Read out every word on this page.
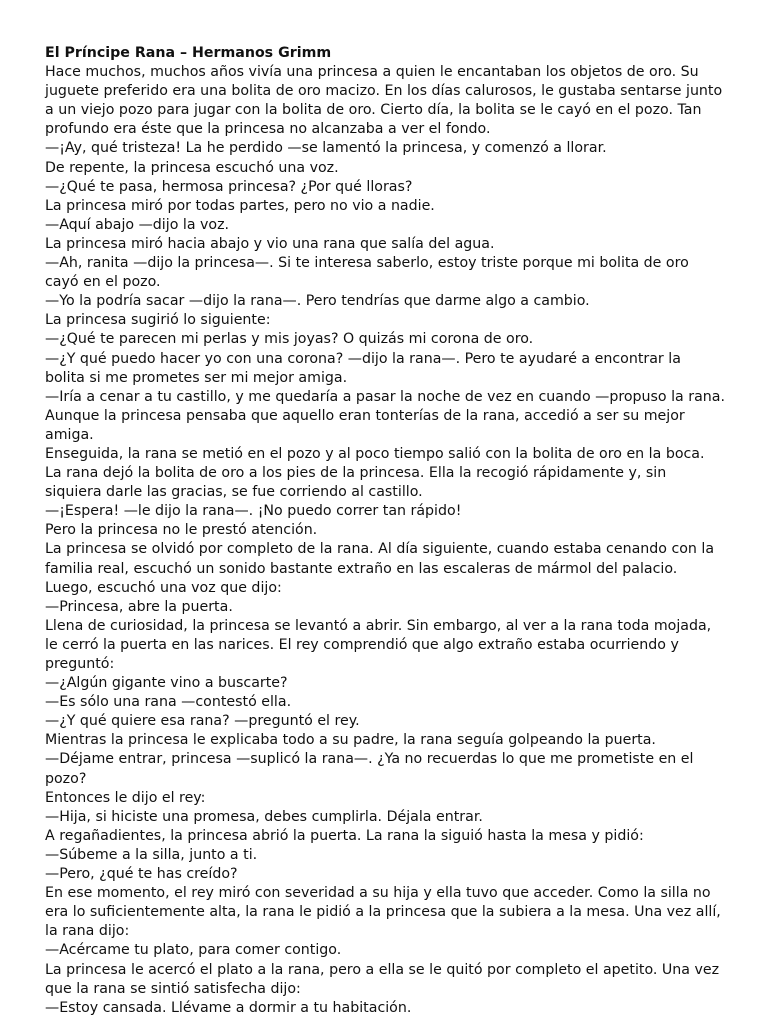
El Príncipe Rana – Hermanos Grimm
Hace muchos, muchos años vivía una princesa a quien le encantaban los objetos de oro. Su juguete preferido era una bolita de oro macizo. En los días calurosos, le gustaba sentarse junto a un viejo pozo para jugar con la bolita de oro. Cierto día, la bolita se le cayó en el pozo. Tan profundo era éste que la princesa no alcanzaba a ver el fondo.
—¡Ay, qué tristeza! La he perdido —se lamentó la princesa, y comenzó a llorar.
De repente, la princesa escuchó una voz.
—¿Qué te pasa, hermosa princesa? ¿Por qué lloras?
La princesa miró por todas partes, pero no vio a nadie.
—Aquí abajo —dijo la voz.
La princesa miró hacia abajo y vio una rana que salía del agua.
—Ah, ranita —dijo la princesa—. Si te interesa saberlo, estoy triste porque mi bolita de oro cayó en el pozo.
—Yo la podría sacar —dijo la rana—. Pero tendrías que darme algo a cambio.
La princesa sugirió lo siguiente:
—¿Qué te parecen mi perlas y mis joyas? O quizás mi corona de oro.
—¿Y qué puedo hacer yo con una corona? —dijo la rana—. Pero te ayudaré a encontrar la bolita si me prometes ser mi mejor amiga.
—Iría a cenar a tu castillo, y me quedaría a pasar la noche de vez en cuando —propuso la rana.
Aunque la princesa pensaba que aquello eran tonterías de la rana, accedió a ser su mejor amiga.
Enseguida, la rana se metió en el pozo y al poco tiempo salió con la bolita de oro en la boca.
La rana dejó la bolita de oro a los pies de la princesa. Ella la recogió rápidamente y, sin siquiera darle las gracias, se fue corriendo al castillo.
—¡Espera! —le dijo la rana—. ¡No puedo correr tan rápido!
Pero la princesa no le prestó atención.
La princesa se olvidó por completo de la rana. Al día siguiente, cuando estaba cenando con la familia real, escuchó un sonido bastante extraño en las escaleras de mármol del palacio.
Luego, escuchó una voz que dijo:
—Princesa, abre la puerta.
Llena de curiosidad, la princesa se levantó a abrir. Sin embargo, al ver a la rana toda mojada, le cerró la puerta en las narices. El rey comprendió que algo extraño estaba ocurriendo y preguntó:
—¿Algún gigante vino a buscarte?
—Es sólo una rana —contestó ella.
—¿Y qué quiere esa rana? —preguntó el rey.
Mientras la princesa le explicaba todo a su padre, la rana seguía golpeando la puerta.
—Déjame entrar, princesa —suplicó la rana—. ¿Ya no recuerdas lo que me prometiste en el pozo?
Entonces le dijo el rey:
—Hija, si hiciste una promesa, debes cumplirla. Déjala entrar.
A regañadientes, la princesa abrió la puerta. La rana la siguió hasta la mesa y pidió:
—Súbeme a la silla, junto a ti.
—Pero, ¿qué te has creído?
En ese momento, el rey miró con severidad a su hija y ella tuvo que acceder. Como la silla no era lo suficientemente alta, la rana le pidió a la princesa que la subiera a la mesa. Una vez allí, la rana dijo:
—Acércame tu plato, para comer contigo.
La princesa le acercó el plato a la rana, pero a ella se le quitó por completo el apetito. Una vez que la rana se sintió satisfecha dijo:
—Estoy cansada. Llévame a dormir a tu habitación.
